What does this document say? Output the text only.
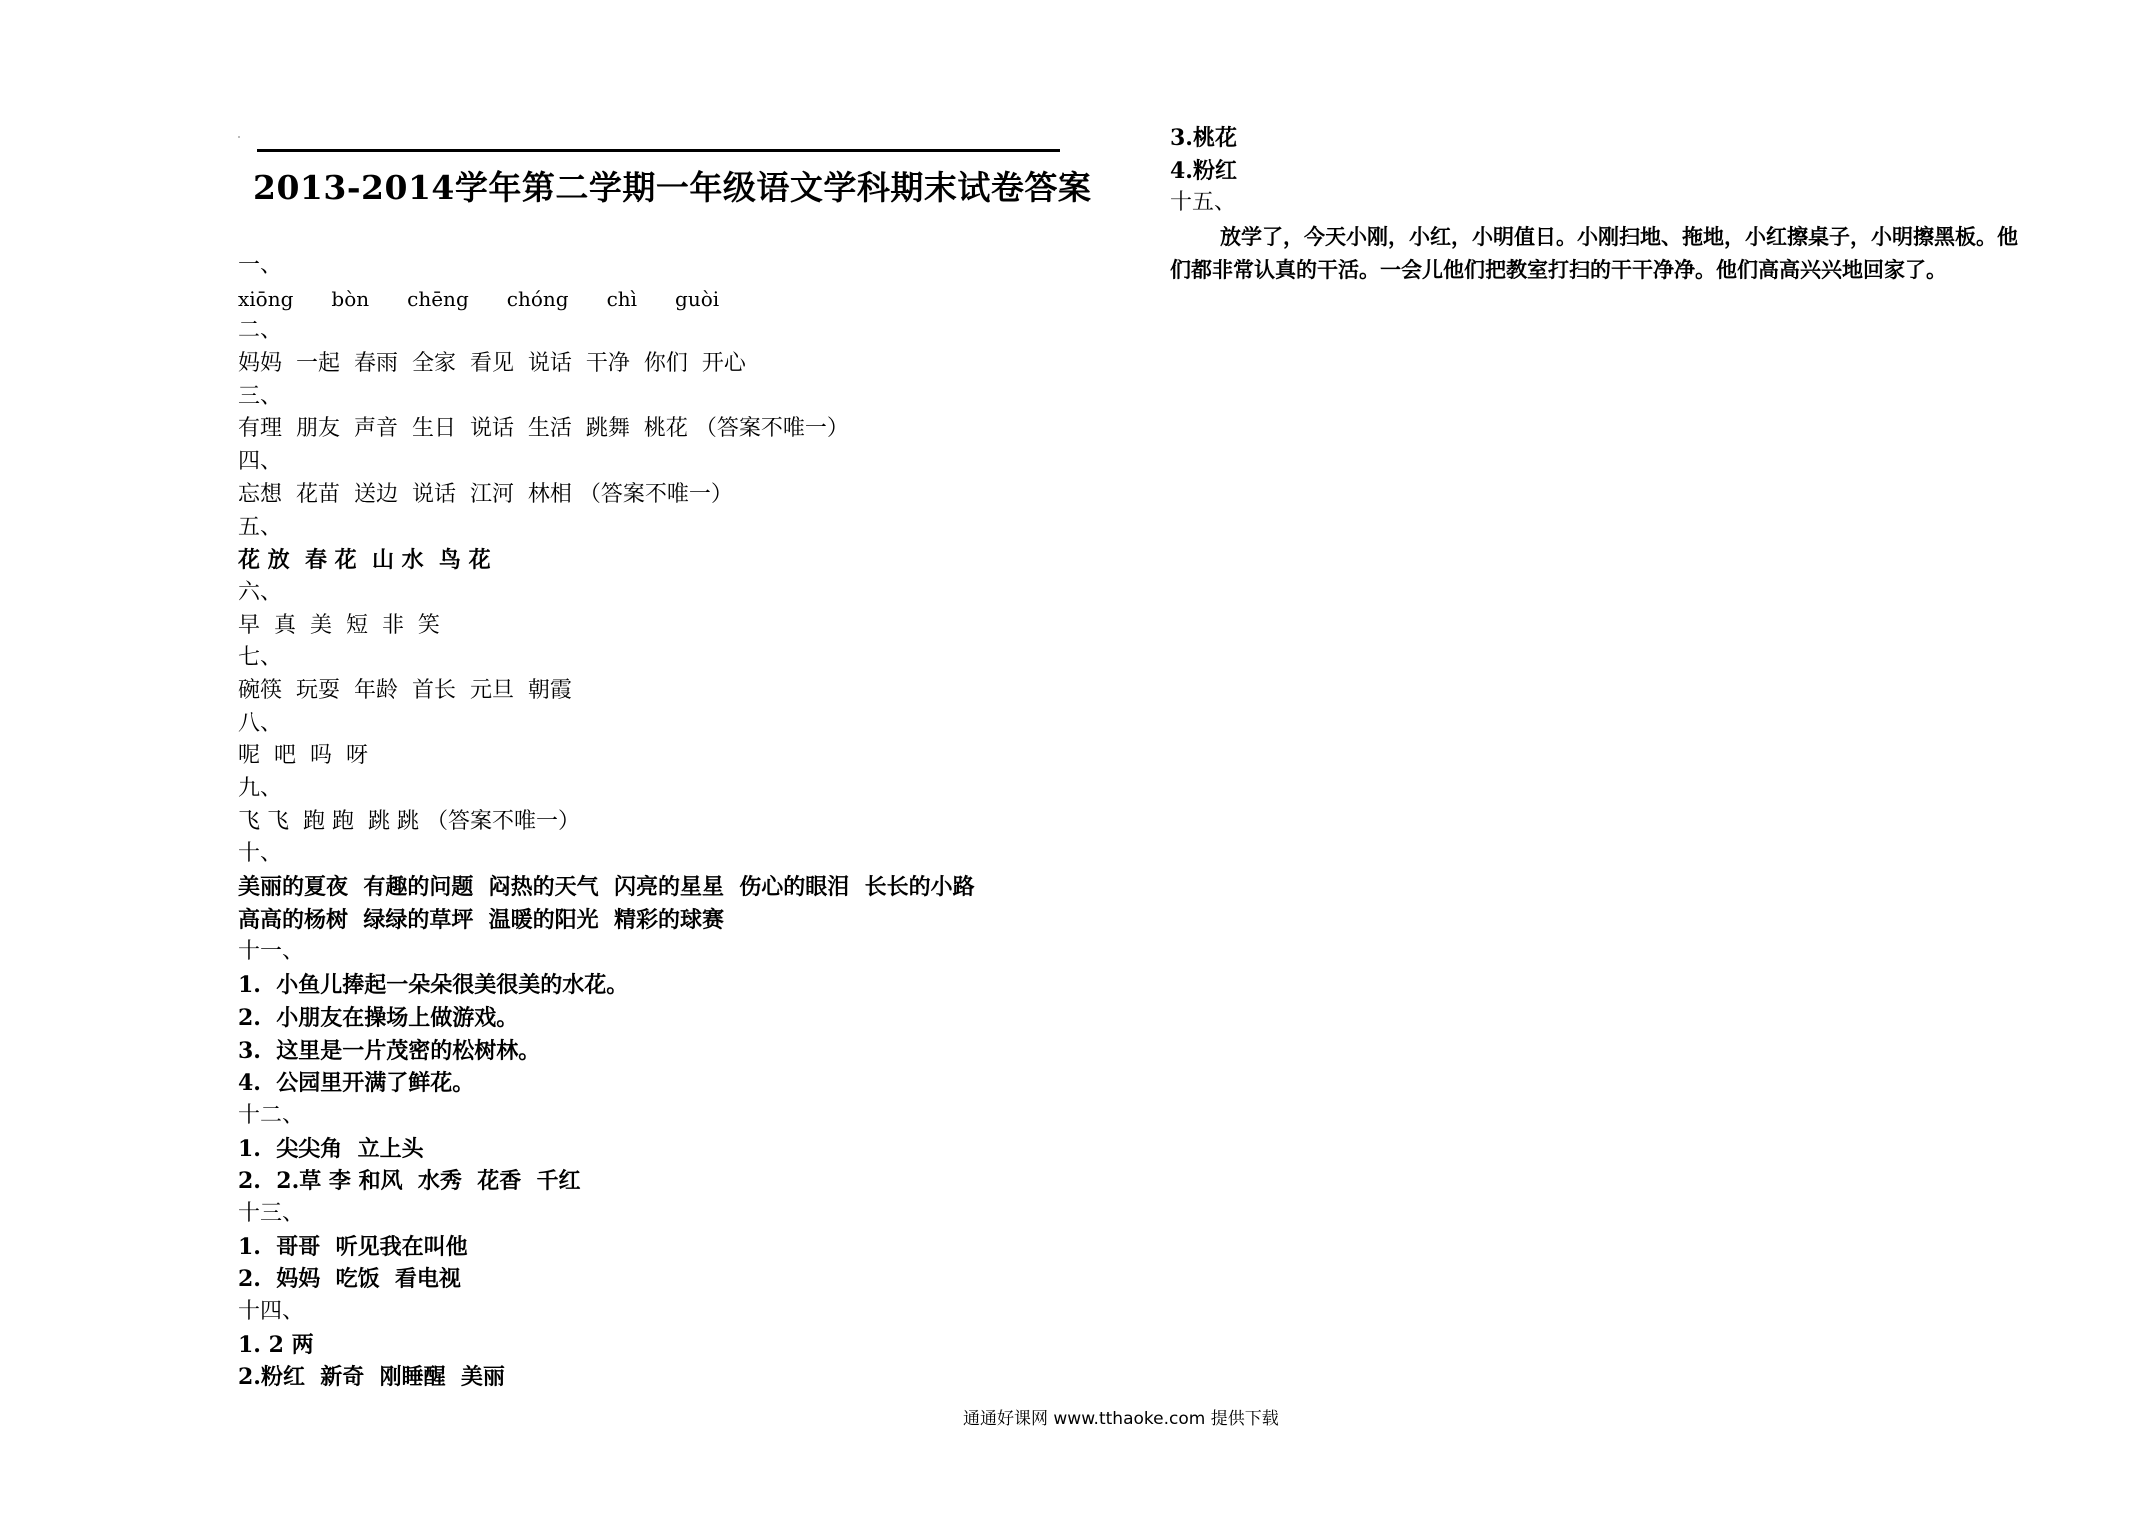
2013-2014学年第二学期一年级语文学科期末试卷答案
一、
xiōng bòn chēng chóng chì guòi
二、
妈妈  一起  春雨  全家  看见  说话  干净  你们  开心
三、
有理  朋友  声音  生日  说话  生活  跳舞  桃花 （答案不唯一）
四、
忘想  花苗  送边  说话  江河  林相 （答案不唯一）
五、
花 放  春 花  山 水  鸟 花
六、
早  真  美  短  非  笑
七、
碗筷  玩耍  年龄  首长  元旦  朝霞
八、
呢  吧  吗  呀
九、
飞 飞  跑 跑  跳 跳 （答案不唯一）
十、
美丽的夏夜  有趣的问题  闷热的天气  闪亮的星星  伤心的眼泪  长长的小路
高高的杨树  绿绿的草坪  温暖的阳光  精彩的球赛
十一、
1.  小鱼儿捧起一朵朵很美很美的水花。
2.  小朋友在操场上做游戏。
3.  这里是一片茂密的松树林。
4.  公园里开满了鲜花。
十二、
1.  尖尖角  立上头
2.  2.草 李 和风  水秀  花香  千红
十三、
1.  哥哥  听见我在叫他
2.  妈妈  吃饭  看电视
十四、
1. 2 两
2.粉红  新奇  刚睡醒  美丽
3.桃花
4.粉红
十五、
放学了，今天小刚，小红，小明值日。小刚扫地、拖地，小红擦桌子，小明擦黑板。他们都非常认真的干活。一会儿他们把教室打扫的干干净净。他们高高兴兴地回家了。
通通好课网 www.tthaoke.com 提供下载
